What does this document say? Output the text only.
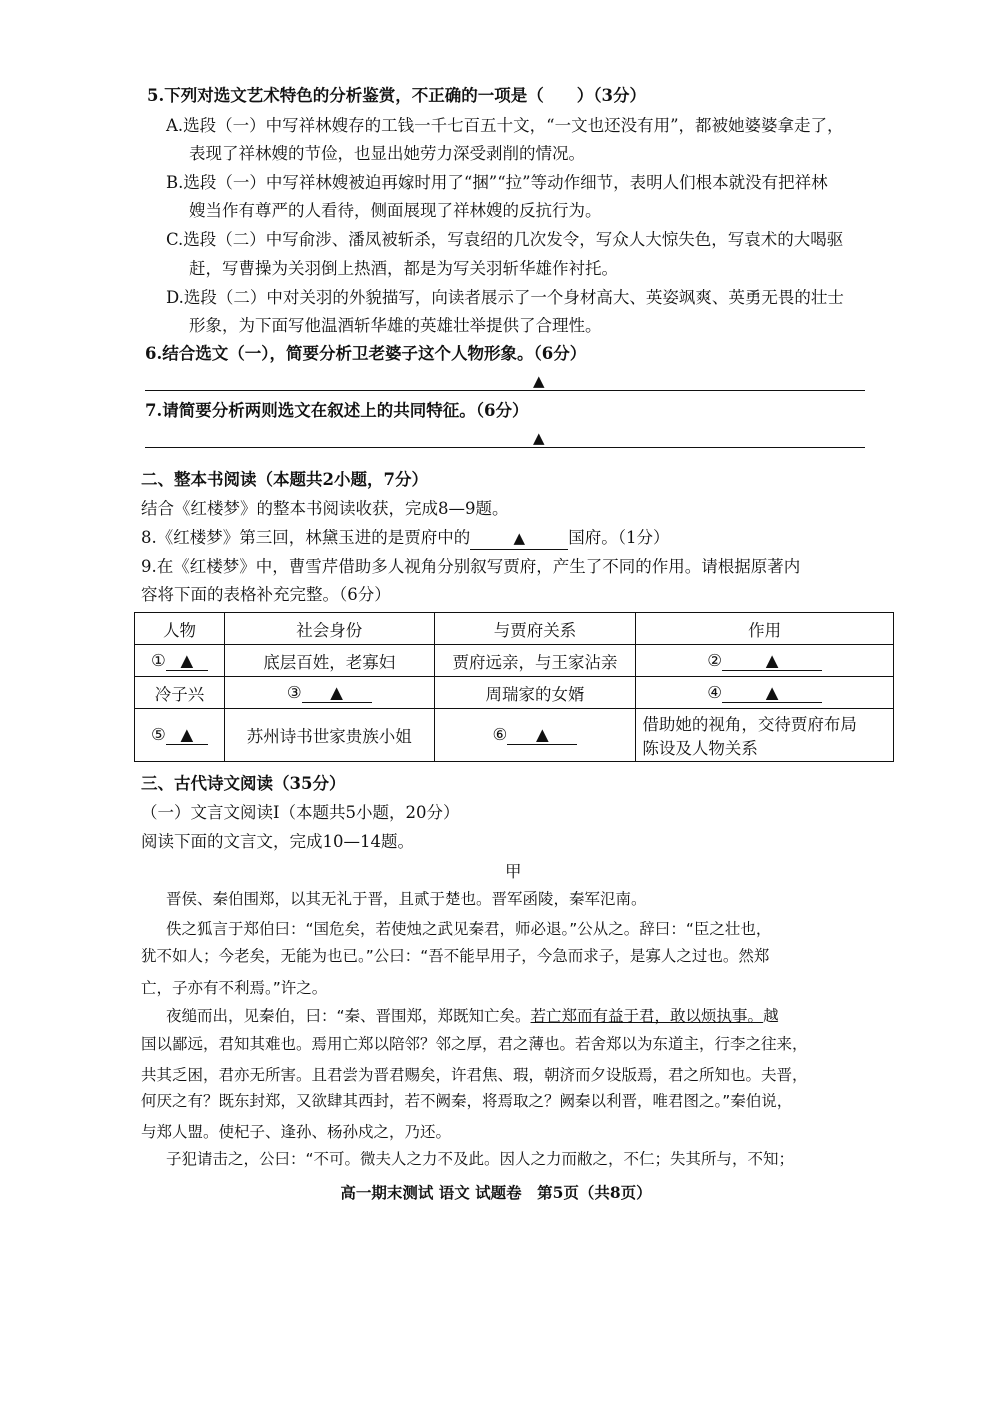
5.下列对选文艺术特色的分析鉴赏，不正确的一项是（　　）（3分）
A.选段（一）中写祥林嫂存的工钱一千七百五十文，“一文也还没有用”，都被她婆婆拿走了，
表现了祥林嫂的节俭，也显出她劳力深受剥削的情况。
B.选段（一）中写祥林嫂被迫再嫁时用了“捆”“拉”等动作细节，表明人们根本就没有把祥林
嫂当作有尊严的人看待，侧面展现了祥林嫂的反抗行为。
C.选段（二）中写俞涉、潘凤被斩杀，写袁绍的几次发令，写众人大惊失色，写袁术的大喝驱
赶，写曹操为关羽倒上热酒，都是为写关羽斩华雄作衬托。
D.选段（二）中对关羽的外貌描写，向读者展示了一个身材高大、英姿飒爽、英勇无畏的壮士
形象，为下面写他温酒斩华雄的英雄壮举提供了合理性。
6.结合选文（一），简要分析卫老婆子这个人物形象。（6分）
▲
7.请简要分析两则选文在叙述上的共同特征。（6分）
▲
二、整本书阅读（本题共2小题，7分）
结合《红楼梦》的整本书阅读收获，完成8—9题。
8.《红楼梦》第三回，林黛玉进的是贾府中的	▲	国府。（1分）
9.在《红楼梦》中，曹雪芹借助多人视角分别叙写贾府，产生了不同的作用。请根据原著内
容将下面的表格补充完整。（6分）
人物	社会身份	与贾府关系	作用
① ▲	底层百姓，老寡妇	贾府远亲，与王家沾亲	② ▲
冷子兴	③ ▲	周瑞家的女婿	④ ▲
⑤ ▲	苏州诗书世家贵族小姐	⑥ ▲	借助她的视角，交待贾府布局
陈设及人物关系
三、古代诗文阅读（35分）
（一）文言文阅读Ⅰ（本题共5小题，20分）
阅读下面的文言文，完成10—14题。
甲
晋侯、秦伯围郑，以其无礼于晋，且贰于楚也。晋军函陵，秦军氾南。
佚之狐言于郑伯曰：“国危矣，若使烛之武见秦君，师必退。”公从之。辞曰：“臣之壮也，
犹不如人；今老矣，无能为也已。”公曰：“吾不能早用子，今急而求子，是寡人之过也。然郑
亡，子亦有不利焉。”许之。
夜缒而出，见秦伯，曰：“秦、晋围郑，郑既知亡矣。若亡郑而有益于君，敢以烦执事。越
国以鄙远，君知其难也。焉用亡郑以陪邻？邻之厚，君之薄也。若舍郑以为东道主，行李之往来，
共其乏困，君亦无所害。且君尝为晋君赐矣，许君焦、瑕，朝济而夕设版焉，君之所知也。夫晋，
何厌之有？既东封郑，又欲肆其西封，若不阙秦，将焉取之？阙秦以利晋，唯君图之。”秦伯说，
与郑人盟。使杞子、逢孙、杨孙戍之，乃还。
子犯请击之，公曰：“不可。微夫人之力不及此。因人之力而敝之，不仁；失其所与，不知；
高一期末测试 语文 试题卷　第5页（共8页）
